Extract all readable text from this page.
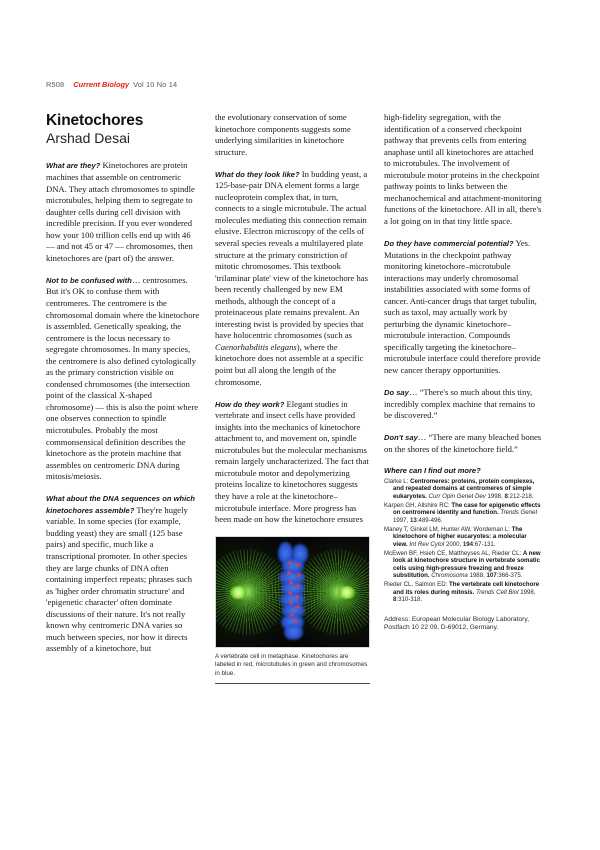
R508 Current Biology Vol 10 No 14
Kinetochores
Arshad Desai

What are they? Kinetochores are protein machines that assemble on centromeric DNA. They attach chromosomes to spindle microtubules, helping them to segregate to daughter cells during cell division with incredible precision. If you ever wondered how your 100 trillion cells end up with 46 — and not 45 or 47 — chromosomes, then kinetochores are (part of) the answer.

Not to be confused with… centrosomes. But it's OK to confuse them with centromeres. The centromere is the chromosomal domain where the kinetochore is assembled. Genetically speaking, the centromere is the locus necessary to segregate chromosomes. In many species, the centromere is also defined cytologically as the primary constriction visible on condensed chromosomes (the intersection point of the classical X-shaped chromosome) — this is also the point where one observes connection to spindle microtubules. Probably the most commonsensical definition describes the kinetochore as the protein machine that assembles on centromeric DNA during mitosis/meiosis.

What about the DNA sequences on which kinetochores assemble? They're hugely variable. In some species (for example, budding yeast) they are small (125 base pairs) and specific, much like a transcriptional promoter. In other species they are large chunks of DNA often containing imperfect repeats; phrases such as 'higher order chromatin structure' and 'epigenetic character' often dominate discussions of their nature. It's not really known why centromeric DNA varies so much between species, nor how it directs assembly of a kinetochore, but

the evolutionary conservation of some kinetochore components suggests some underlying similarities in kinetochore structure.

What do they look like? In budding yeast, a 125-base-pair DNA element forms a large nucleoprotein complex that, in turn, connects to a single microtubule. The actual molecules mediating this connection remain elusive. Electron microscopy of the cells of several species reveals a multilayered plate structure at the primary constriction of mitotic chromosomes. This textbook 'trilaminar plate' view of the kinetochore has been recently challenged by new EM methods, although the concept of a proteinaceous plate remains prevalent. An interesting twist is provided by species that have holocentric chromosomes (such as Caenorhabditis elegans), where the kinetochore does not assemble at a specific point but all along the length of the chromosome.

How do they work? Elegant studies in vertebrate and insect cells have provided insights into the mechanics of kinetochore attachment to, and movement on, spindle microtubules but the molecular mechanisms remain largely uncharacterized. The fact that microtubule motor and depolymerizing proteins localize to kinetochores suggests they have a role at the kinetochore–microtubule interface. More progress has been made on how the kinetochore ensures

A vertebrate cell in metaphase. Kinetochores are labeled in red, microtubules in green and chromosomes in blue.

high-fidelity segregation, with the identification of a conserved checkpoint pathway that prevents cells from entering anaphase until all kinetochores are attached to microtubules. The involvement of microtubule motor proteins in the checkpoint pathway points to links between the mechanochemical and attachment-monitoring functions of the kinetochore. All in all, there's a lot going on in that tiny little space.

Do they have commercial potential? Yes. Mutations in the checkpoint pathway monitoring kinetochore–microtubule interactions may underly chromosomal instabilities associated with some forms of cancer. Anti-cancer drugs that target tubulin, such as taxol, may actually work by perturbing the dynamic kinetochore–microtubule interaction. Compounds specifically targeting the kinetochore–microtubule interface could therefore provide new cancer therapy opportunities.

Do say… “There's so much about this tiny, incredibly complex machine that remains to be discovered.”

Don't say… “There are many bleached bones on the shores of the kinetochore field.”

Where can I find out more?

Clarke L: Centromeres: proteins, protein complexes, and repeated domains at centromeres of simple eukaryotes. Curr Opin Genet Dev 1998, 8:212-218.

Karpen GH, Allshire RC: The case for epigenetic effects on centromere identity and function. Trends Genet 1997, 13:489-496.

Maney T, Ginkel LM, Hunter AW, Wordeman L: The kinetochore of higher eucaryotes: a molecular view. Int Rev Cytol 2000, 194:67-131.

McEwen BF, Hsieh CE, Mattheyses AL, Rieder CL: A new look at kinetochore structure in vertebrate somatic cells using high-pressure freezing and freeze substitution. Chromosoma 1988, 107:366-375.

Rieder CL, Salmon ED: The vertebrate cell kinetochore and its roles during mitosis. Trends Cell Biol 1998, 8:310-318.

Address: European Molecular Biology Laboratory, Postfach 10 22 09, D-69012, Germany.
